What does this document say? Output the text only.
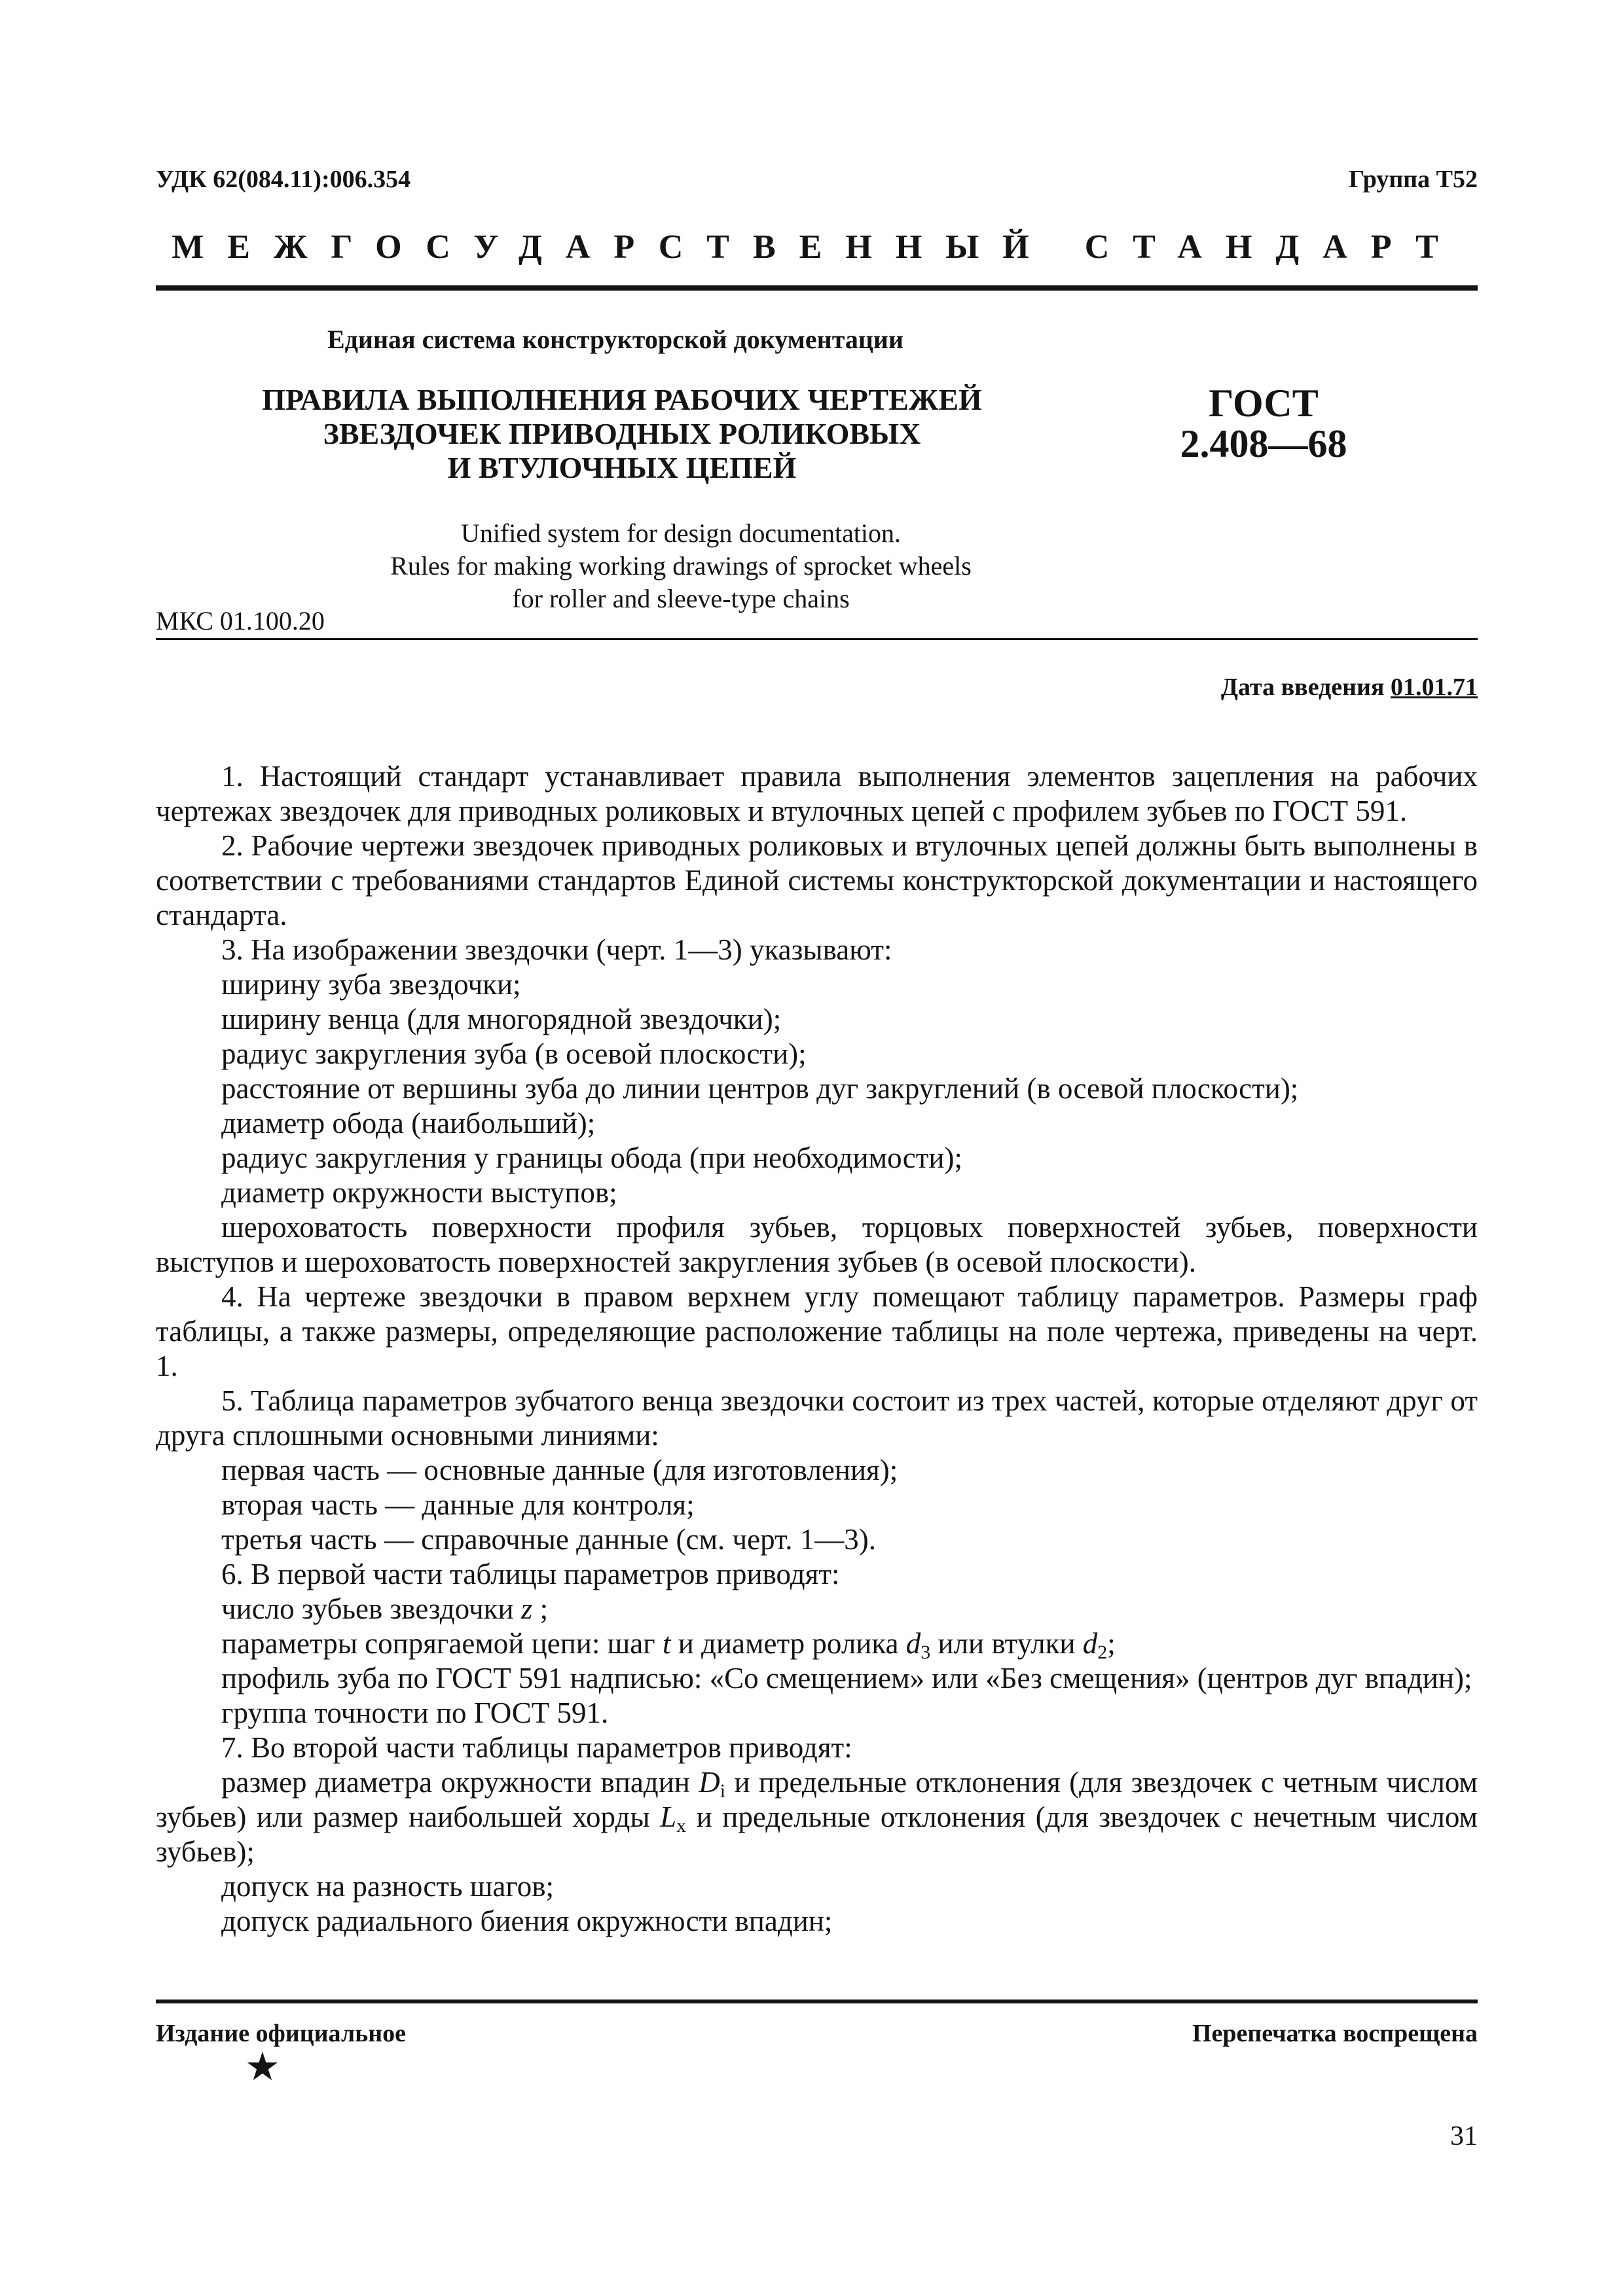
УДК 62(084.11):006.354	Группа Т52
МЕЖГОСУДАРСТВЕННЫЙ СТАНДАРТ
Единая система конструкторской документации
ПРАВИЛА ВЫПОЛНЕНИЯ РАБОЧИХ ЧЕРТЕЖЕЙ
ЗВЕЗДОЧЕК ПРИВОДНЫХ РОЛИКОВЫХ
И ВТУЛОЧНЫХ ЦЕПЕЙ
ГОСТ
2.408—68
Unified system for design documentation.
Rules for making working drawings of sprocket wheels
for roller and sleeve-type chains
МКС 01.100.20
Дата введения 01.01.71

1. Настоящий стандарт устанавливает правила выполнения элементов зацепления на рабочих чертежах звездочек для приводных роликовых и втулочных цепей с профилем зубьев по ГОСТ 591.

2. Рабочие чертежи звездочек приводных роликовых и втулочных цепей должны быть выполнены в соответствии с требованиями стандартов Единой системы конструкторской документации и настоящего стандарта.

3. На изображении звездочки (черт. 1—3) указывают:

ширину зуба звездочки;

ширину венца (для многорядной звездочки);

радиус закругления зуба (в осевой плоскости);

расстояние от вершины зуба до линии центров дуг закруглений (в осевой плоскости);

диаметр обода (наибольший);

радиус закругления у границы обода (при необходимости);

диаметр окружности выступов;

шероховатость поверхности профиля зубьев, торцовых поверхностей зубьев, поверхности выступов и шероховатость поверхностей закругления зубьев (в осевой плоскости).

4. На чертеже звездочки в правом верхнем углу помещают таблицу параметров. Размеры граф таблицы, а также размеры, определяющие расположение таблицы на поле чертежа, приведены на черт. 1.

5. Таблица параметров зубчатого венца звездочки состоит из трех частей, которые отделяют друг от друга сплошными основными линиями:

первая часть — основные данные (для изготовления);

вторая часть — данные для контроля;

третья часть — справочные данные (см. черт. 1—3).

6. В первой части таблицы параметров приводят:

число зубьев звездочки z ;

параметры сопрягаемой цепи: шаг t и диаметр ролика $d_3$ или втулки $d_2$;

профиль зуба по ГОСТ 591 надписью: «Со смещением» или «Без смещения» (центров дуг впадин);

группа точности по ГОСТ 591.

7. Во второй части таблицы параметров приводят:

размер диаметра окружности впадин $D_i$ и предельные отклонения (для звездочек с четным числом зубьев) или размер наибольшей хорды $L_x$ и предельные отклонения (для звездочек с нечетным числом зубьев);

допуск на разность шагов;

допуск радиального биения окружности впадин;

Издание официальное
★
Перепечатка воспрещена
31
